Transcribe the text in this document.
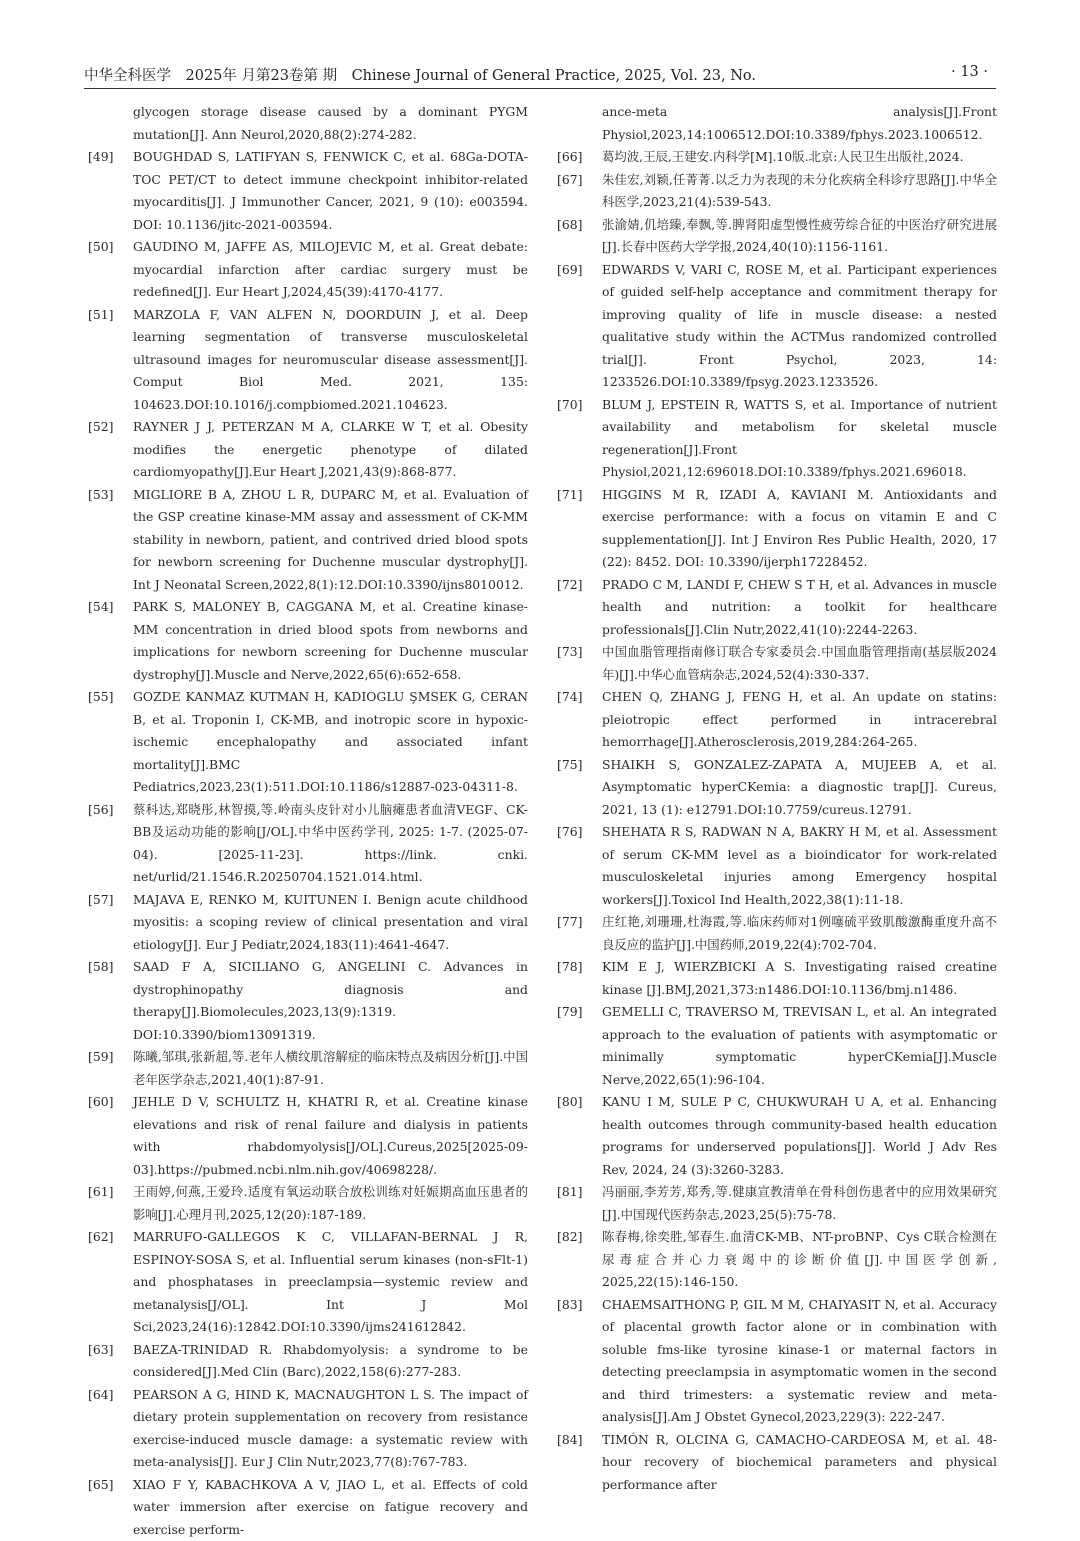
中华全科医学　2025年 月第23卷第 期　Chinese Journal of General Practice, 2025, Vol. 23, No.	· 13 ·
glycogen storage disease caused by a dominant PYGM mutation[J]. Ann Neurol,2020,88(2):274-282.
[49] BOUGHDAD S, LATIFYAN S, FENWICK C, et al. 68Ga-DOTA-TOC PET/CT to detect immune checkpoint inhibitor-related myocarditis[J]. J Immunother Cancer, 2021, 9 (10): e003594. DOI: 10.1136/jitc-2021-003594.
[50] GAUDINO M, JAFFE AS, MILOJEVIC M, et al. Great debate: myocardial infarction after cardiac surgery must be redefined[J]. Eur Heart J,2024,45(39):4170-4177.
[51] MARZOLA F, VAN ALFEN N, DOORDUIN J, et al. Deep learning segmentation of transverse musculoskeletal ultrasound images for neuromuscular disease assessment[J]. Comput Biol Med. 2021, 135: 104623.DOI:10.1016/j.compbiomed.2021.104623.
[52] RAYNER J J, PETERZAN M A, CLARKE W T, et al. Obesity modifies the energetic phenotype of dilated cardiomyopathy[J].Eur Heart J,2021,43(9):868-877.
[53] MIGLIORE B A, ZHOU L R, DUPARC M, et al. Evaluation of the GSP creatine kinase-MM assay and assessment of CK-MM stability in newborn, patient, and contrived dried blood spots for newborn screening for Duchenne muscular dystrophy[J]. Int J Neonatal Screen,2022,8(1):12.DOI:10.3390/ijns8010012.
[54] PARK S, MALONEY B, CAGGANA M, et al. Creatine kinase-MM concentration in dried blood spots from newborns and implications for newborn screening for Duchenne muscular dystrophy[J].Muscle and Nerve,2022,65(6):652-658.
[55] GOZDE KANMAZ KUTMAN H, KADIOGLU ŞMSEK G, CERAN B, et al. Troponin I, CK-MB, and inotropic score in hypoxic-ischemic encephalopathy and associated infant mortality[J].BMC Pediatrics,2023,23(1):511.DOI:10.1186/s12887-023-04311-8.
[56] 蔡科达,郑晓彤,林智摸,等.岭南头皮针对小儿脑瘫患者血清VEGF、CK-BB及运动功能的影响[J/OL].中华中医药学刊, 2025: 1-7. (2025-07-04). [2025-11-23]. https://link. cnki. net/urlid/21.1546.R.20250704.1521.014.html.
[57] MAJAVA E, RENKO M, KUITUNEN I. Benign acute childhood myositis: a scoping review of clinical presentation and viral etiology[J]. Eur J Pediatr,2024,183(11):4641-4647.
[58] SAAD F A, SICILIANO G, ANGELINI C. Advances in dystrophinopathy diagnosis and therapy[J].Biomolecules,2023,13(9):1319. DOI:10.3390/biom13091319.
[59] 陈曦,邹琪,张新超,等.老年人横纹肌溶解症的临床特点及病因分析[J].中国老年医学杂志,2021,40(1):87-91.
[60] JEHLE D V, SCHULTZ H, KHATRI R, et al. Creatine kinase elevations and risk of renal failure and dialysis in patients with rhabdomyolysis[J/OL].Cureus,2025[2025-09-03].https://pubmed.ncbi.nlm.nih.gov/40698228/.
[61] 王雨婷,何燕,王爱玲.适度有氧运动联合放松训练对妊娠期高血压患者的影响[J].心理月刊,2025,12(20):187-189.
[62] MARRUFO-GALLEGOS K C, VILLAFAN-BERNAL J R, ESPINOY-SOSA S, et al. Influential serum kinases (non-sFlt-1) and phosphatases in preeclampsia—systemic review and metanalysis[J/OL]. Int J Mol Sci,2023,24(16):12842.DOI:10.3390/ijms241612842.
[63] BAEZA-TRINIDAD R. Rhabdomyolysis: a syndrome to be considered[J].Med Clin (Barc),2022,158(6):277-283.
[64] PEARSON A G, HIND K, MACNAUGHTON L S. The impact of dietary protein supplementation on recovery from resistance exercise-induced muscle damage: a systematic review with meta-analysis[J]. Eur J Clin Nutr,2023,77(8):767-783.
[65] XIAO F Y, KABACHKOVA A V, JIAO L, et al. Effects of cold water immersion after exercise on fatigue recovery and exercise perform-
ance-meta analysis[J].Front Physiol,2023,14:1006512.DOI:10.3389/fphys.2023.1006512.
[66] 葛均波,王辰,王建安.内科学[M].10版.北京:人民卫生出版社,2024.
[67] 朱佳宏,刘颖,任菁菁.以乏力为表现的未分化疾病全科诊疗思路[J].中华全科医学,2023,21(4):539-543.
[68] 张渝婧,仉培臻,奉飘,等.脾肾阳虚型慢性疲劳综合征的中医治疗研究进展[J].长春中医药大学学报,2024,40(10):1156-1161.
[69] EDWARDS V, VARI C, ROSE M, et al. Participant experiences of guided self-help acceptance and commitment therapy for improving quality of life in muscle disease: a nested qualitative study within the ACTMus randomized controlled trial[J]. Front Psychol, 2023, 14: 1233526.DOI:10.3389/fpsyg.2023.1233526.
[70] BLUM J, EPSTEIN R, WATTS S, et al. Importance of nutrient availability and metabolism for skeletal muscle regeneration[J].Front Physiol,2021,12:696018.DOI:10.3389/fphys.2021.696018.
[71] HIGGINS M R, IZADI A, KAVIANI M. Antioxidants and exercise performance: with a focus on vitamin E and C supplementation[J]. Int J Environ Res Public Health, 2020, 17 (22): 8452. DOI: 10.3390/ijerph17228452.
[72] PRADO C M, LANDI F, CHEW S T H, et al. Advances in muscle health and nutrition: a toolkit for healthcare professionals[J].Clin Nutr,2022,41(10):2244-2263.
[73] 中国血脂管理指南修订联合专家委员会.中国血脂管理指南(基层版2024年)[J].中华心血管病杂志,2024,52(4):330-337.
[74] CHEN Q, ZHANG J, FENG H, et al. An update on statins: pleiotropic effect performed in intracerebral hemorrhage[J].Atherosclerosis,2019,284:264-265.
[75] SHAIKH S, GONZALEZ-ZAPATA A, MUJEEB A, et al. Asymptomatic hyperCKemia: a diagnostic trap[J]. Cureus, 2021, 13 (1): e12791.DOI:10.7759/cureus.12791.
[76] SHEHATA R S, RADWAN N A, BAKRY H M, et al. Assessment of serum CK-MM level as a bioindicator for work-related musculoskeletal injuries among Emergency hospital workers[J].Toxicol Ind Health,2022,38(1):11-18.
[77] 庄红艳,刘珊珊,杜海霞,等.临床药师对1例噻硫平致肌酸激酶重度升高不良反应的监护[J].中国药师,2019,22(4):702-704.
[78] KIM E J, WIERZBICKI A S. Investigating raised creatine kinase [J].BMJ,2021,373:n1486.DOI:10.1136/bmj.n1486.
[79] GEMELLI C, TRAVERSO M, TREVISAN L, et al. An integrated approach to the evaluation of patients with asymptomatic or minimally symptomatic hyperCKemia[J].Muscle Nerve,2022,65(1):96-104.
[80] KANU I M, SULE P C, CHUKWURAH U A, et al. Enhancing health outcomes through community-based health education programs for underserved populations[J]. World J Adv Res Rev, 2024, 24 (3):3260-3283.
[81] 冯丽丽,李芳芳,郑秀,等.健康宣教清单在骨科创伤患者中的应用效果研究[J].中国现代医药杂志,2023,25(5):75-78.
[82] 陈春梅,徐奕胜,邹春生.血清CK-MB、NT-proBNP、Cys C联合检测在尿毒症合并心力衰竭中的诊断价值[J].中国医学创新, 2025,22(15):146-150.
[83] CHAEMSAITHONG P, GIL M M, CHAIYASIT N, et al. Accuracy of placental growth factor alone or in combination with soluble fms-like tyrosine kinase-1 or maternal factors in detecting preeclampsia in asymptomatic women in the second and third trimesters: a systematic review and meta-analysis[J].Am J Obstet Gynecol,2023,229(3): 222-247.
[84] TIMÓN R, OLCINA G, CAMACHO-CARDEOSA M, et al. 48-hour recovery of biochemical parameters and physical performance after
